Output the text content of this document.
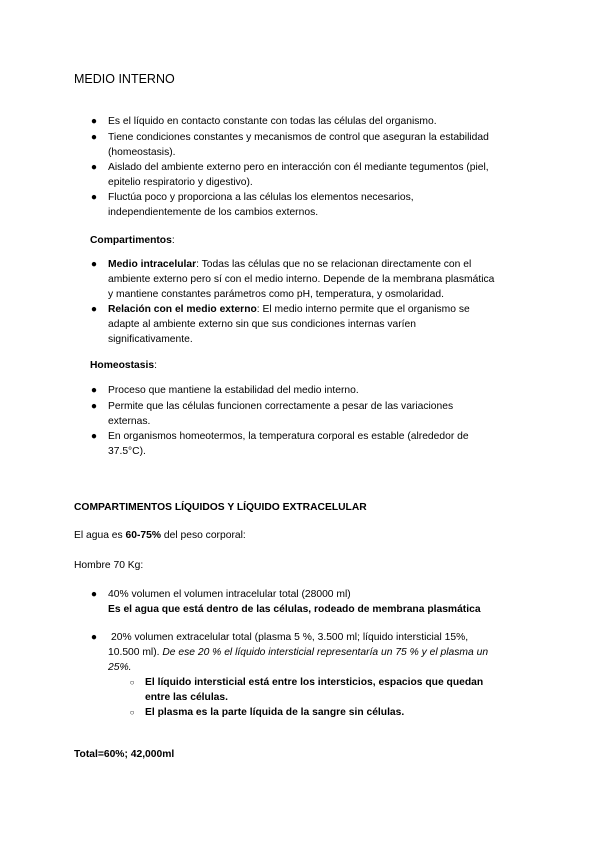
MEDIO INTERNO
● Es el líquido en contacto constante con todas las células del organismo.
● Tiene condiciones constantes y mecanismos de control que aseguran la estabilidad
(homeostasis).
● Aislado del ambiente externo pero en interacción con él mediante tegumentos (piel,
epitelio respiratorio y digestivo).
● Fluctúa poco y proporciona a las células los elementos necesarios,
independientemente de los cambios externos.
Compartimentos:
● Medio intracelular: Todas las células que no se relacionan directamente con el
ambiente externo pero sí con el medio interno. Depende de la membrana plasmática
y mantiene constantes parámetros como pH, temperatura, y osmolaridad.
● Relación con el medio externo: El medio interno permite que el organismo se
adapte al ambiente externo sin que sus condiciones internas varíen
significativamente.
Homeostasis:
● Proceso que mantiene la estabilidad del medio interno.
● Permite que las células funcionen correctamente a pesar de las variaciones
externas.
● En organismos homeotermos, la temperatura corporal es estable (alrededor de
37.5°C).
COMPARTIMENTOS LÍQUIDOS Y LÍQUIDO EXTRACELULAR
El agua es 60-75% del peso corporal:
Hombre 70 Kg:
● 40% volumen el volumen intracelular total (28000 ml)
Es el agua que está dentro de las células, rodeado de membrana plasmática
● 20% volumen extracelular total (plasma 5 %, 3.500 ml; líquido intersticial 15%,
10.500 ml). De ese 20 % el líquido intersticial representaría un 75 % y el plasma un
25%.
○ El líquido intersticial está entre los intersticios, espacios que quedan
entre las células.
○ El plasma es la parte líquida de la sangre sin células.
Total=60%; 42,000ml
